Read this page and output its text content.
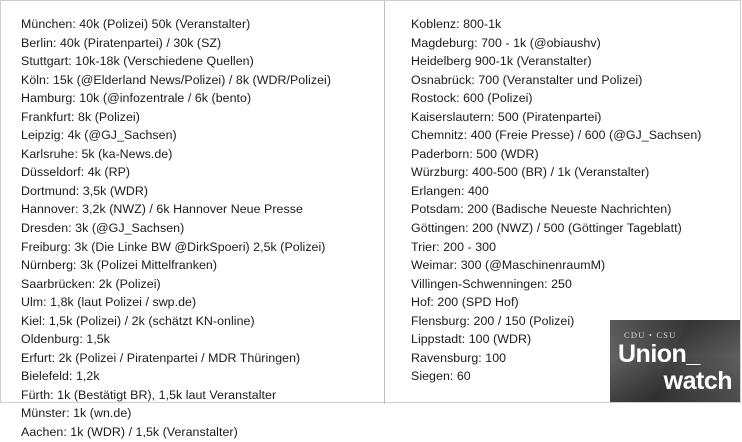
München: 40k (Polizei) 50k (Veranstalter)
Berlin: 40k (Piratenpartei) / 30k (SZ)
Stuttgart: 10k-18k (Verschiedene Quellen)
Köln: 15k (@Elderland News/Polizei) / 8k (WDR/Polizei)
Hamburg: 10k (@infozentrale / 6k (bento)
Frankfurt: 8k (Polizei)
Leipzig: 4k (@GJ_Sachsen)
Karlsruhe: 5k (ka-News.de)
Düsseldorf: 4k (RP)
Dortmund: 3,5k (WDR)
Hannover: 3,2k (NWZ) / 6k Hannover Neue Presse
Dresden: 3k (@GJ_Sachsen)
Freiburg: 3k (Die Linke BW @DirkSpoeri) 2,5k (Polizei)
Nürnberg: 3k (Polizei Mittelfranken)
Saarbrücken: 2k (Polizei)
Ulm: 1,8k (laut Polizei / swp.de)
Kiel: 1,5k (Polizei) / 2k (schätzt KN-online)
Oldenburg: 1,5k
Erfurt: 2k (Polizei / Piratenpartei / MDR Thüringen)
Bielefeld: 1,2k
Fürth: 1k (Bestätigt BR), 1,5k laut Veranstalter
Münster: 1k (wn.de)
Aachen: 1k (WDR) / 1,5k (Veranstalter)
Koblenz: 800-1k
Magdeburg: 700 - 1k (@obiaushv)
Heidelberg 900-1k (Veranstalter)
Osnabrück: 700 (Veranstalter und Polizei)
Rostock: 600 (Polizei)
Kaiserslautern: 500 (Piratenpartei)
Chemnitz: 400 (Freie Presse) / 600 (@GJ_Sachsen)
Paderborn: 500 (WDR)
Würzburg: 400-500 (BR) / 1k (Veranstalter)
Erlangen: 400
Potsdam: 200 (Badische Neueste Nachrichten)
Göttingen: 200 (NWZ) / 500 (Göttinger Tageblatt)
Trier: 200 - 300
Weimar: 300 (@MaschinenraumM)
Villingen-Schwenningen: 250
Hof: 200 (SPD Hof)
Flensburg: 200 / 150 (Polizei)
Lippstadt: 100 (WDR)
Ravensburg: 100
Siegen: 60
CDU • CSU
Union_
watch
